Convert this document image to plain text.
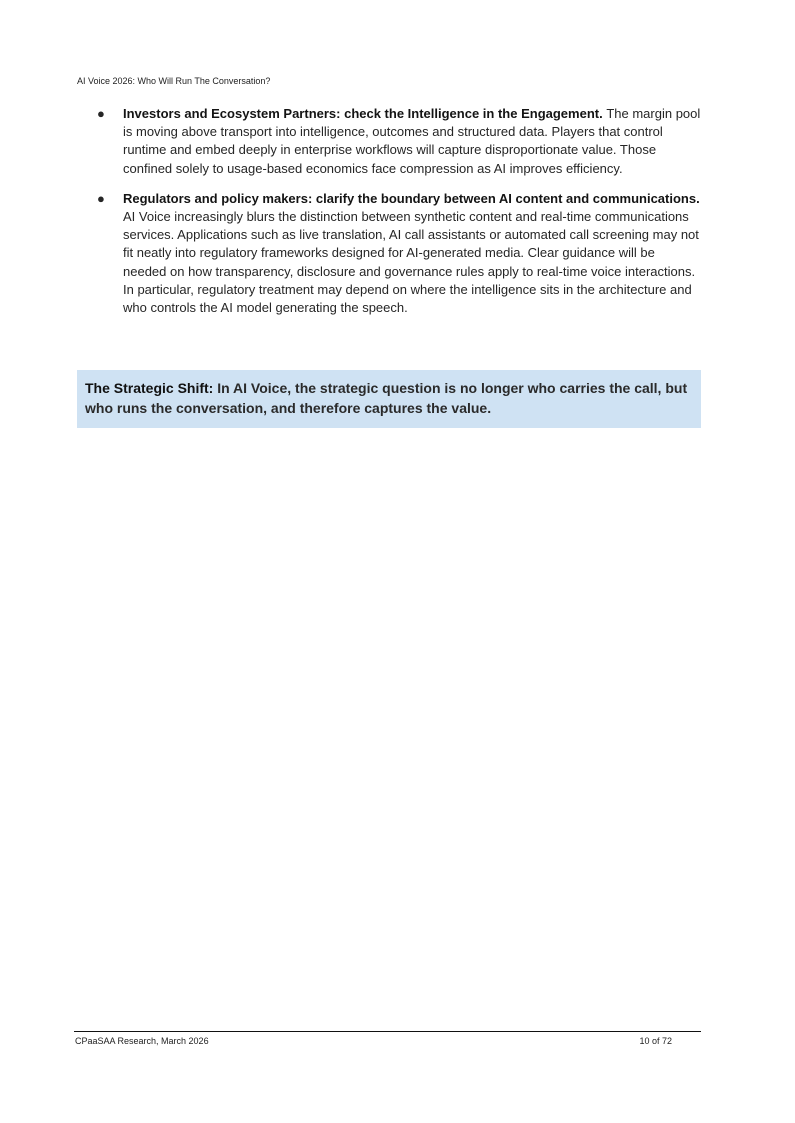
AI Voice 2026: Who Will Run The Conversation?
● Investors and Ecosystem Partners: check the Intelligence in the Engagement. The margin pool is moving above transport into intelligence, outcomes and structured data. Players that control runtime and embed deeply in enterprise workflows will capture disproportionate value. Those confined solely to usage-based economics face compression as AI improves efficiency.
● Regulators and policy makers: clarify the boundary between AI content and communications. AI Voice increasingly blurs the distinction between synthetic content and real-time communications services. Applications such as live translation, AI call assistants or automated call screening may not fit neatly into regulatory frameworks designed for AI-generated media. Clear guidance will be needed on how transparency, disclosure and governance rules apply to real-time voice interactions. In particular, regulatory treatment may depend on where the intelligence sits in the architecture and who controls the AI model generating the speech.
The Strategic Shift: In AI Voice, the strategic question is no longer who carries the call, but who runs the conversation, and therefore captures the value.
CPaaSAA Research, March 2026	10 of 72
